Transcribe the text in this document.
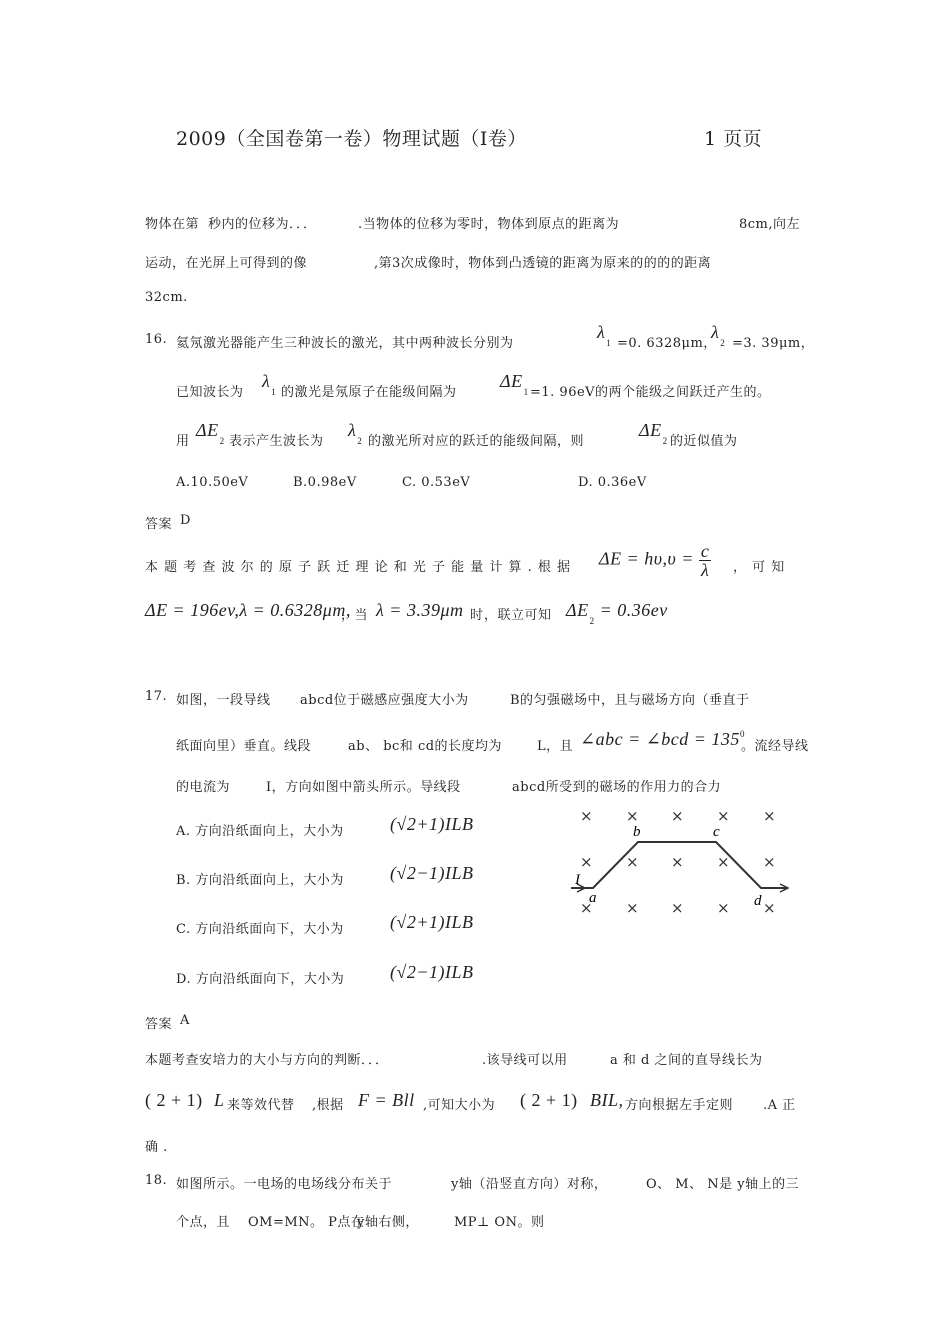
2009（全国卷第一卷）物理试题（Ⅰ卷）	1 页页
物体在第 秒内的位移为．．．	.当物体的位移为零时，物体到原点的距离为	8cm,向左
运动，在光屏上可得到的像	,第 3次成像时，物体到凸透镜的距离为原来的的的的距离
32cm.
16. 氦氖激光器能产生三种波长的激光，其中两种波长分别为
$\lambda_1 =0$. 6328μm，
$\lambda_2 =3$. 39μm，
已知波长为
$\lambda_1$ 的激光是氖原子在能级间隔为
$\Delta E_1 =1$. 96eV的两个能级之间跃迁产生的。
用
$\Delta E_2$ 表示产生波长为
$\lambda_2$ 的激光所对应的跃迁的能级间隔，则
$\Delta E_2$ 的近似值为
A.10.50eV	B.0.98eV	C. 0.53eV	D. 0.36eV
答案 D
本 题 考 查 波 尔 的 原 子 跃 迁 理 论 和 光 子 能 量 计 算 . 根 据 $\Delta E = h\upsilon,\upsilon = \frac{c}{\lambda}$ ， 可 知
ΔE = 196ev,λ = 0.6328μm,
，当 λ = 3.39μm 时 ，联立可知 $\Delta E_2 = 0.36ev$
17. 如图，一段导线 abcd位于磁感应强度大小为	B的匀强磁场中，且与磁场方向（垂直于
纸面向里）垂直。线段	ab、 bc和 cd的长度均为	L，且 ∠abc = ∠bcd = $135^0$
。流经导线
的电流为	I，方向如图中箭头所示。导线段	abcd所受到的磁场的作用力的合力
A. 方向沿纸面向上，大小为	(√2+1)ILB
B. 方向沿纸面向上，大小为	(√2−1)ILB
C. 方向沿纸面向下，大小为	(√2+1)ILB
D. 方向沿纸面向下，大小为	(√2−1)ILB
× × × × ×
× × × × ×
× × × × ×
b	c
I
a	d
答案 A
本题考查安培力的大小与方向的判断．．．	.该导线可以用	a 和 d 之间的直导线长为
( 2 + 1) L 来等效代替 ,根据 F = Bll ,可知大小为 ( 2 + 1) BIL, 方向根据左手定则 .A 正
确 .
18. 如图所示。一电场的电场线分布关于	y轴（沿竖直方向）对称，	O、 M、 N是 y轴上的三
个点，且 OM=MN。 P点在
y轴右侧，	MP⊥ ON。则
